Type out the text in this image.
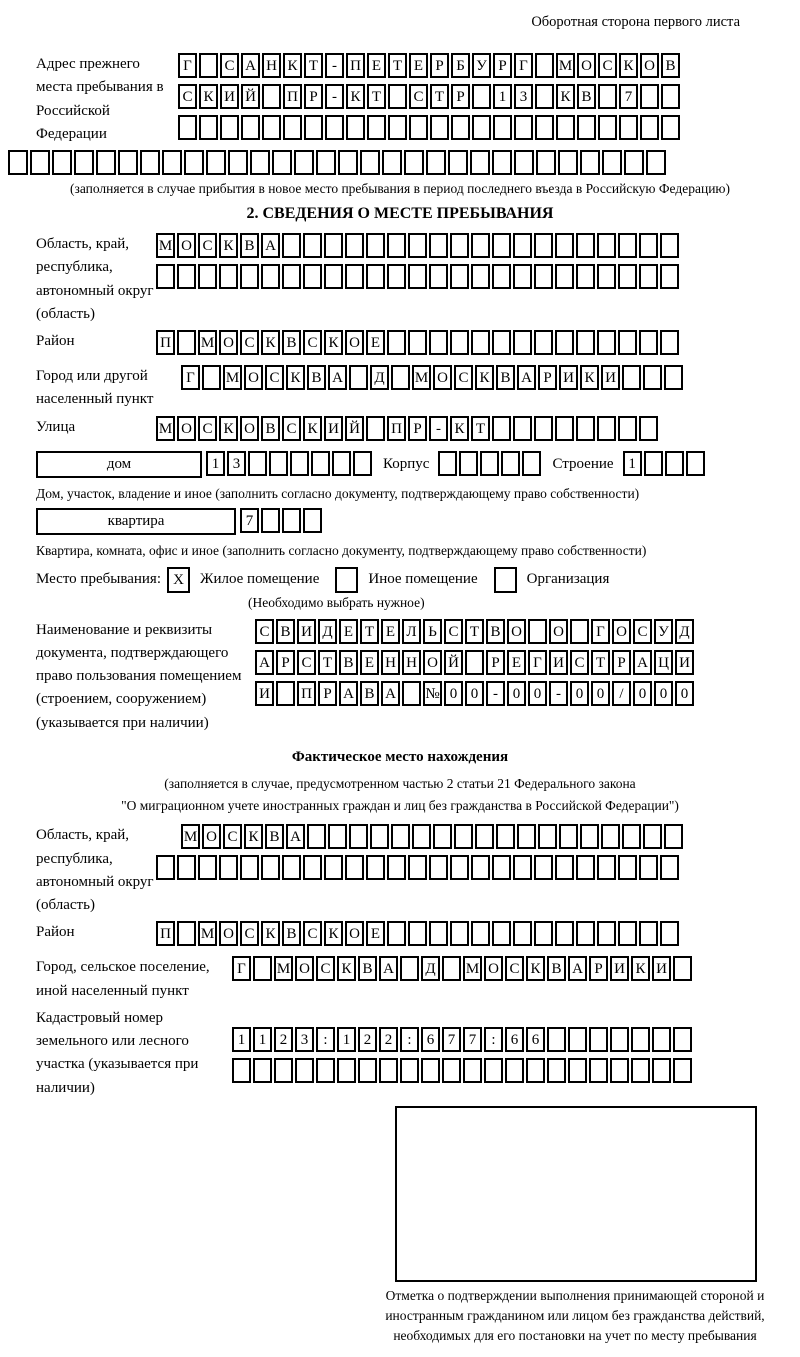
Оборотная сторона первого листа
Адрес прежнего места пребывания в Российской Федерации
Г С А Н К Т - П Е Т Е Р Б У Р Г М О С К О В
С К И Й П Р - К Т С Т Р 1 3 К В 7
(заполняется в случае прибытия в новое место пребывания в период последнего въезда в Российскую Федерацию)
2. СВЕДЕНИЯ О МЕСТЕ ПРЕБЫВАНИЯ
Область, край, республика, автономный округ (область)
М О С К В А
Район	П М О С К В С К О Е
Город или другой населенный пункт
Г М О С К В А Д М О С К В А Р И К И
Улица	М О С К О В С К И Й П Р - К Т
дом	1 3	Корпус	Строение 1
Дом, участок, владение и иное (заполнить согласно документу, подтверждающему право собственности)
квартира	7
Квартира, комната, офис и иное (заполнить согласно документу, подтверждающему право собственности)
Место пребывания: X	Жилое помещение	Иное помещение	Организация
(Необходимо выбрать нужное)
Наименование и реквизиты документа, подтверждающего право пользования помещением (строением, сооружением) (указывается при наличии)
С В И Д Е Т Е Л Ь С Т В О О Г О С У Д
А Р С Т В Е Н Н О Й Р Е Г И С Т Р А Ц И
И П Р А В А № 0 0 - 0 0 - 0 0 / 0 0 0
Фактическое место нахождения
(заполняется в случае, предусмотренном частью 2 статьи 21 Федерального закона
"О миграционном учете иностранных граждан и лиц без гражданства в Российской Федерации")
Область, край, республика, автономный округ (область)
М О С К В А
Район	П М О С К В С К О Е
Город, сельское поселение, иной населенный пункт
Г М О С К В А Д М О С К В А Р И К И
Кадастровый номер земельного или лесного участка (указывается при наличии)
1 1 2 3 : 1 2 2 : 6 7 7 : 6 6
Отметка о подтверждении выполнения принимающей стороной и иностранным гражданином или лицом без гражданства действий, необходимых для его постановки на учет по месту пребывания
